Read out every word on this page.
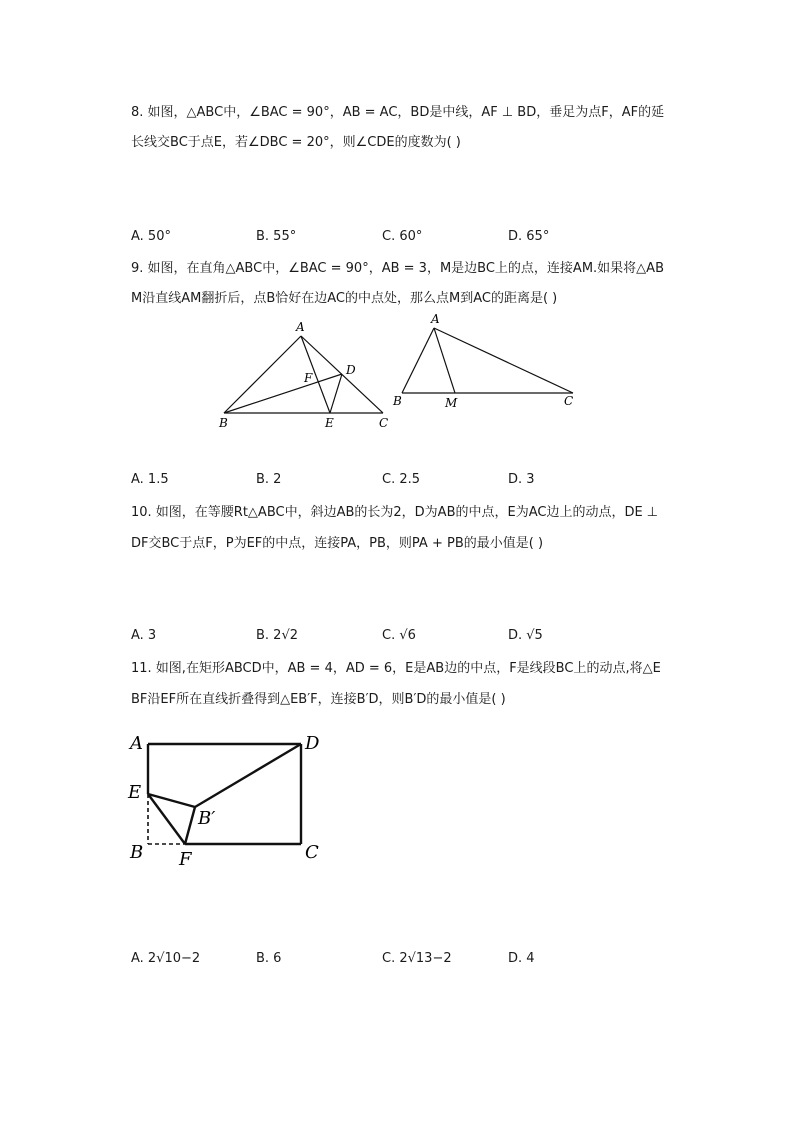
8. 如图，△ABC中，∠BAC = 90°，AB = AC，BD是中线，AF ⊥ BD，垂足为点F，AF的延
长线交BC于点E，若∠DBC = 20°，则∠CDE的度数为( )
A. 50°	B. 55°	C. 60°	D. 65°
9. 如图，在直角△ABC中，∠BAC = 90°，AB = 3，M是边BC上的点，连接AM.如果将△AB
M沿直线AM翻折后，点B恰好在边AC的中点处，那么点M到AC的距离是( )
A
B	C
D
E
F
A
B	M	C
A. 1.5	B. 2	C. 2.5	D. 3
10. 如图，在等腰Rt△ABC中，斜边AB的长为2，D为AB的中点，E为AC边上的动点，DE ⊥
DF交BC于点F，P为EF的中点，连接PA，PB，则PA + PB的最小值是( )
A. 3	B. 2√2	C. √6	D. √5
11. 如图,在矩形ABCD中，AB = 4，AD = 6，E是AB边的中点，F是线段BC上的动点,将△E
BF沿EF所在直线折叠得到△EB′F，连接B′D，则B′D的最小值是( )
A	D
E
B′
B F	C
A. 2√10−2	B. 6	C. 2√13−2	D. 4
